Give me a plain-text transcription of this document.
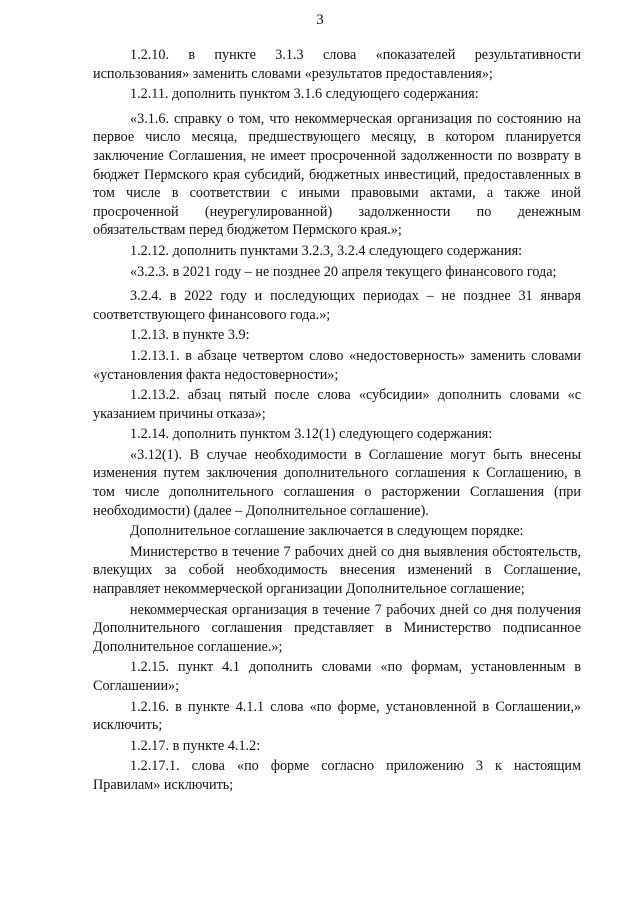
3

1.2.10. в пункте 3.1.3 слова «показателей результативности использования» заменить словами «результатов предоставления»;

1.2.11. дополнить пунктом 3.1.6 следующего содержания:

«3.1.6. справку о том, что некоммерческая организация по состоянию на первое число месяца, предшествующего месяцу, в котором планируется заключение Соглашения, не имеет просроченной задолженности по возврату в бюджет Пермского края субсидий, бюджетных инвестиций, предоставленных в том числе в соответствии с иными правовыми актами, а также иной просроченной (неурегулированной) задолженности по денежным обязательствам перед бюджетом Пермского края.»;

1.2.12. дополнить пунктами 3.2.3, 3.2.4 следующего содержания:

«3.2.3. в 2021 году – не позднее 20 апреля текущего финансового года;

3.2.4. в 2022 году и последующих периодах – не позднее 31 января соответствующего финансового года.»;

1.2.13. в пункте 3.9:

1.2.13.1. в абзаце четвертом слово «недостоверность» заменить словами «установления факта недостоверности»;

1.2.13.2. абзац пятый после слова «субсидии» дополнить словами «с указанием причины отказа»;

1.2.14. дополнить пунктом 3.12(1) следующего содержания:

«3.12(1). В случае необходимости в Соглашение могут быть внесены изменения путем заключения дополнительного соглашения к Соглашению, в том числе дополнительного соглашения о расторжении Соглашения (при необходимости) (далее – Дополнительное соглашение).

Дополнительное соглашение заключается в следующем порядке:

Министерство в течение 7 рабочих дней со дня выявления обстоятельств, влекущих за собой необходимость внесения изменений в Соглашение, направляет некоммерческой организации Дополнительное соглашение;

некоммерческая организация в течение 7 рабочих дней со дня получения Дополнительного соглашения представляет в Министерство подписанное Дополнительное соглашение.»;

1.2.15. пункт 4.1 дополнить словами «по формам, установленным в Соглашении»;

1.2.16. в пункте 4.1.1 слова «по форме, установленной в Соглашении,» исключить;

1.2.17. в пункте 4.1.2:

1.2.17.1. слова «по форме согласно приложению 3 к настоящим Правилам» исключить;
